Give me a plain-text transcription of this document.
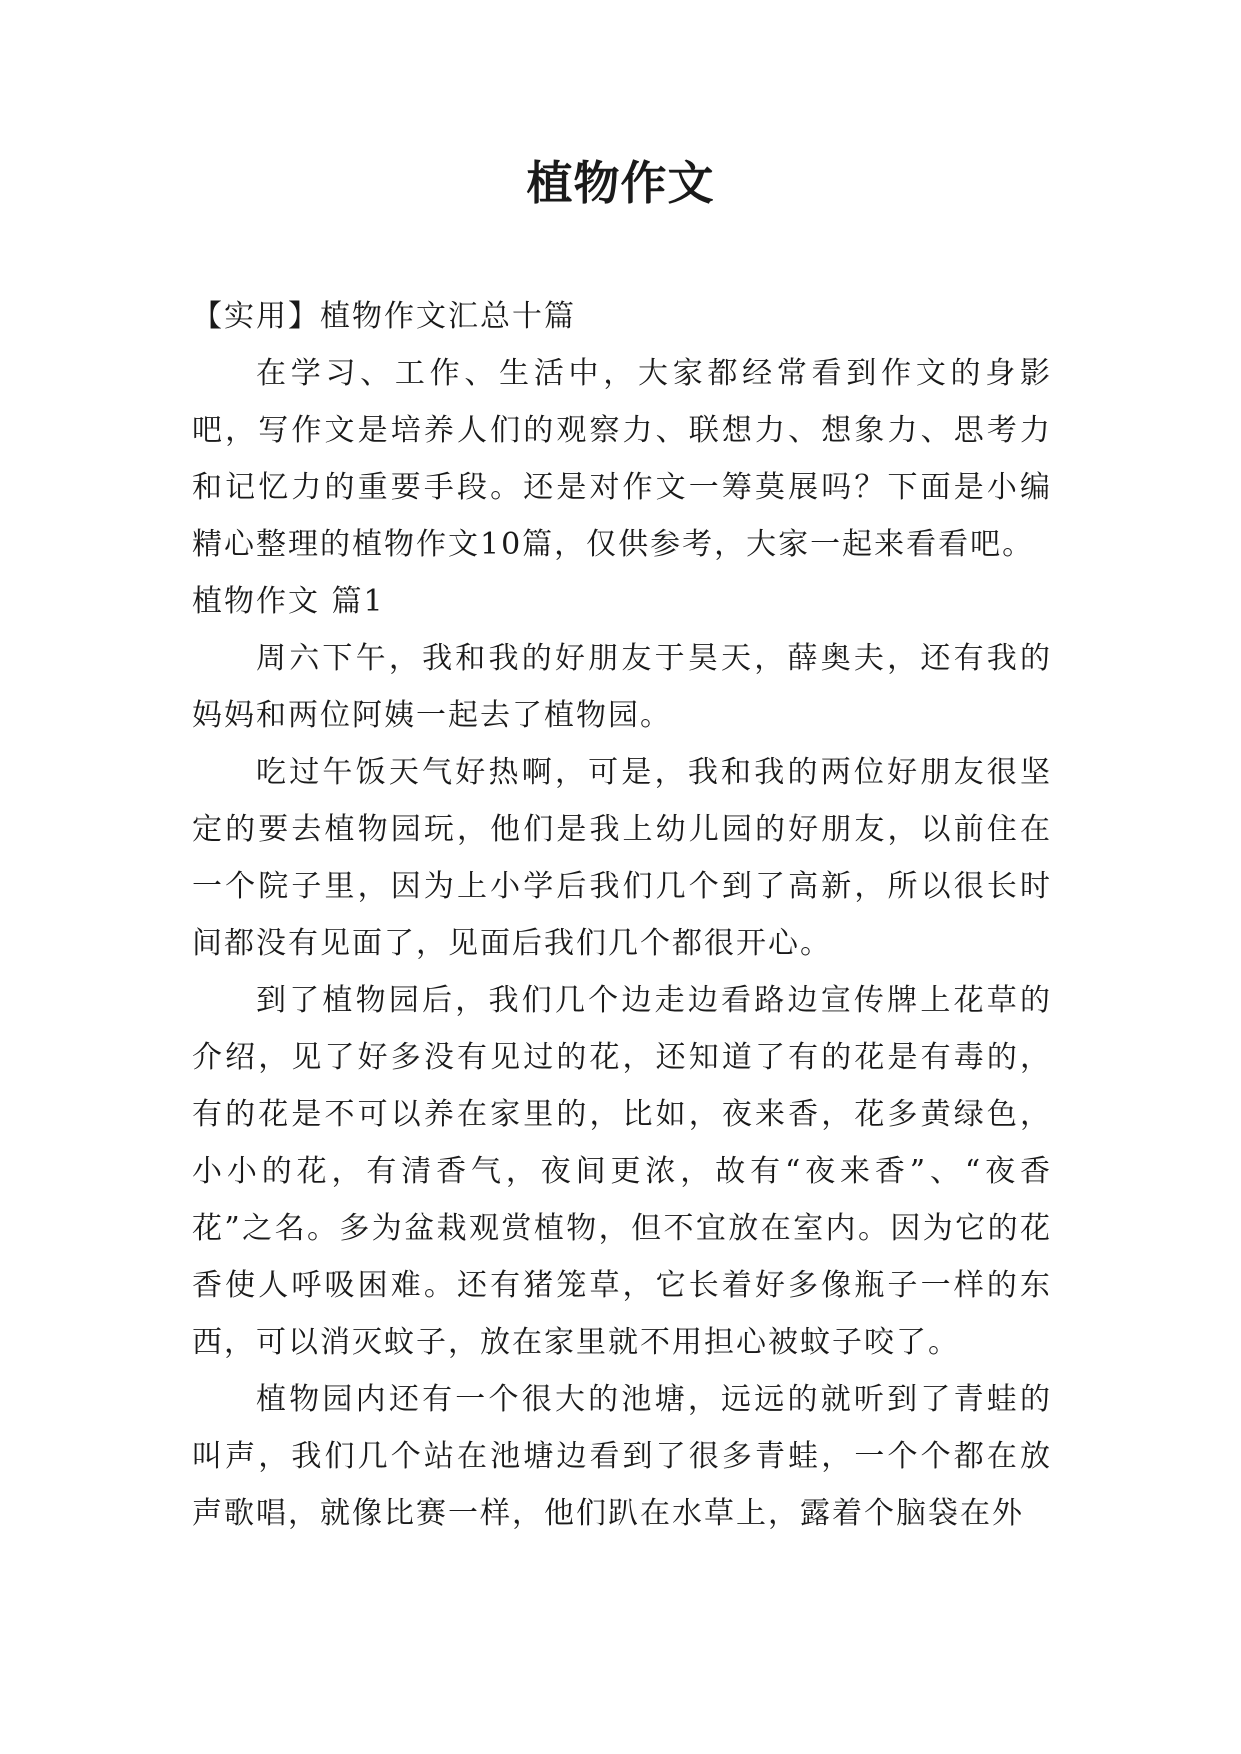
植物作文

【实用】植物作文汇总十篇

在学习、工作、生活中，大家都经常看到作文的身影吧，写作文是培养人们的观察力、联想力、想象力、思考力和记忆力的重要手段。还是对作文一筹莫展吗？下面是小编精心整理的植物作文10篇，仅供参考，大家一起来看看吧。

植物作文 篇1

周六下午，我和我的好朋友于昊天，薛奥夫，还有我的妈妈和两位阿姨一起去了植物园。

吃过午饭天气好热啊，可是，我和我的两位好朋友很坚定的要去植物园玩，他们是我上幼儿园的好朋友，以前住在一个院子里，因为上小学后我们几个到了高新，所以很长时间都没有见面了，见面后我们几个都很开心。

到了植物园后，我们几个边走边看路边宣传牌上花草的介绍，见了好多没有见过的花，还知道了有的花是有毒的，有的花是不可以养在家里的，比如，夜来香，花多黄绿色，小小的花，有清香气，夜间更浓，故有“夜来香”、“夜香花”之名。多为盆栽观赏植物，但不宜放在室内。因为它的花香使人呼吸困难。还有猪笼草，它长着好多像瓶子一样的东西，可以消灭蚊子，放在家里就不用担心被蚊子咬了。

植物园内还有一个很大的池塘，远远的就听到了青蛙的叫声，我们几个站在池塘边看到了很多青蛙，一个个都在放声歌唱，就像比赛一样，他们趴在水草上，露着个脑袋在外
